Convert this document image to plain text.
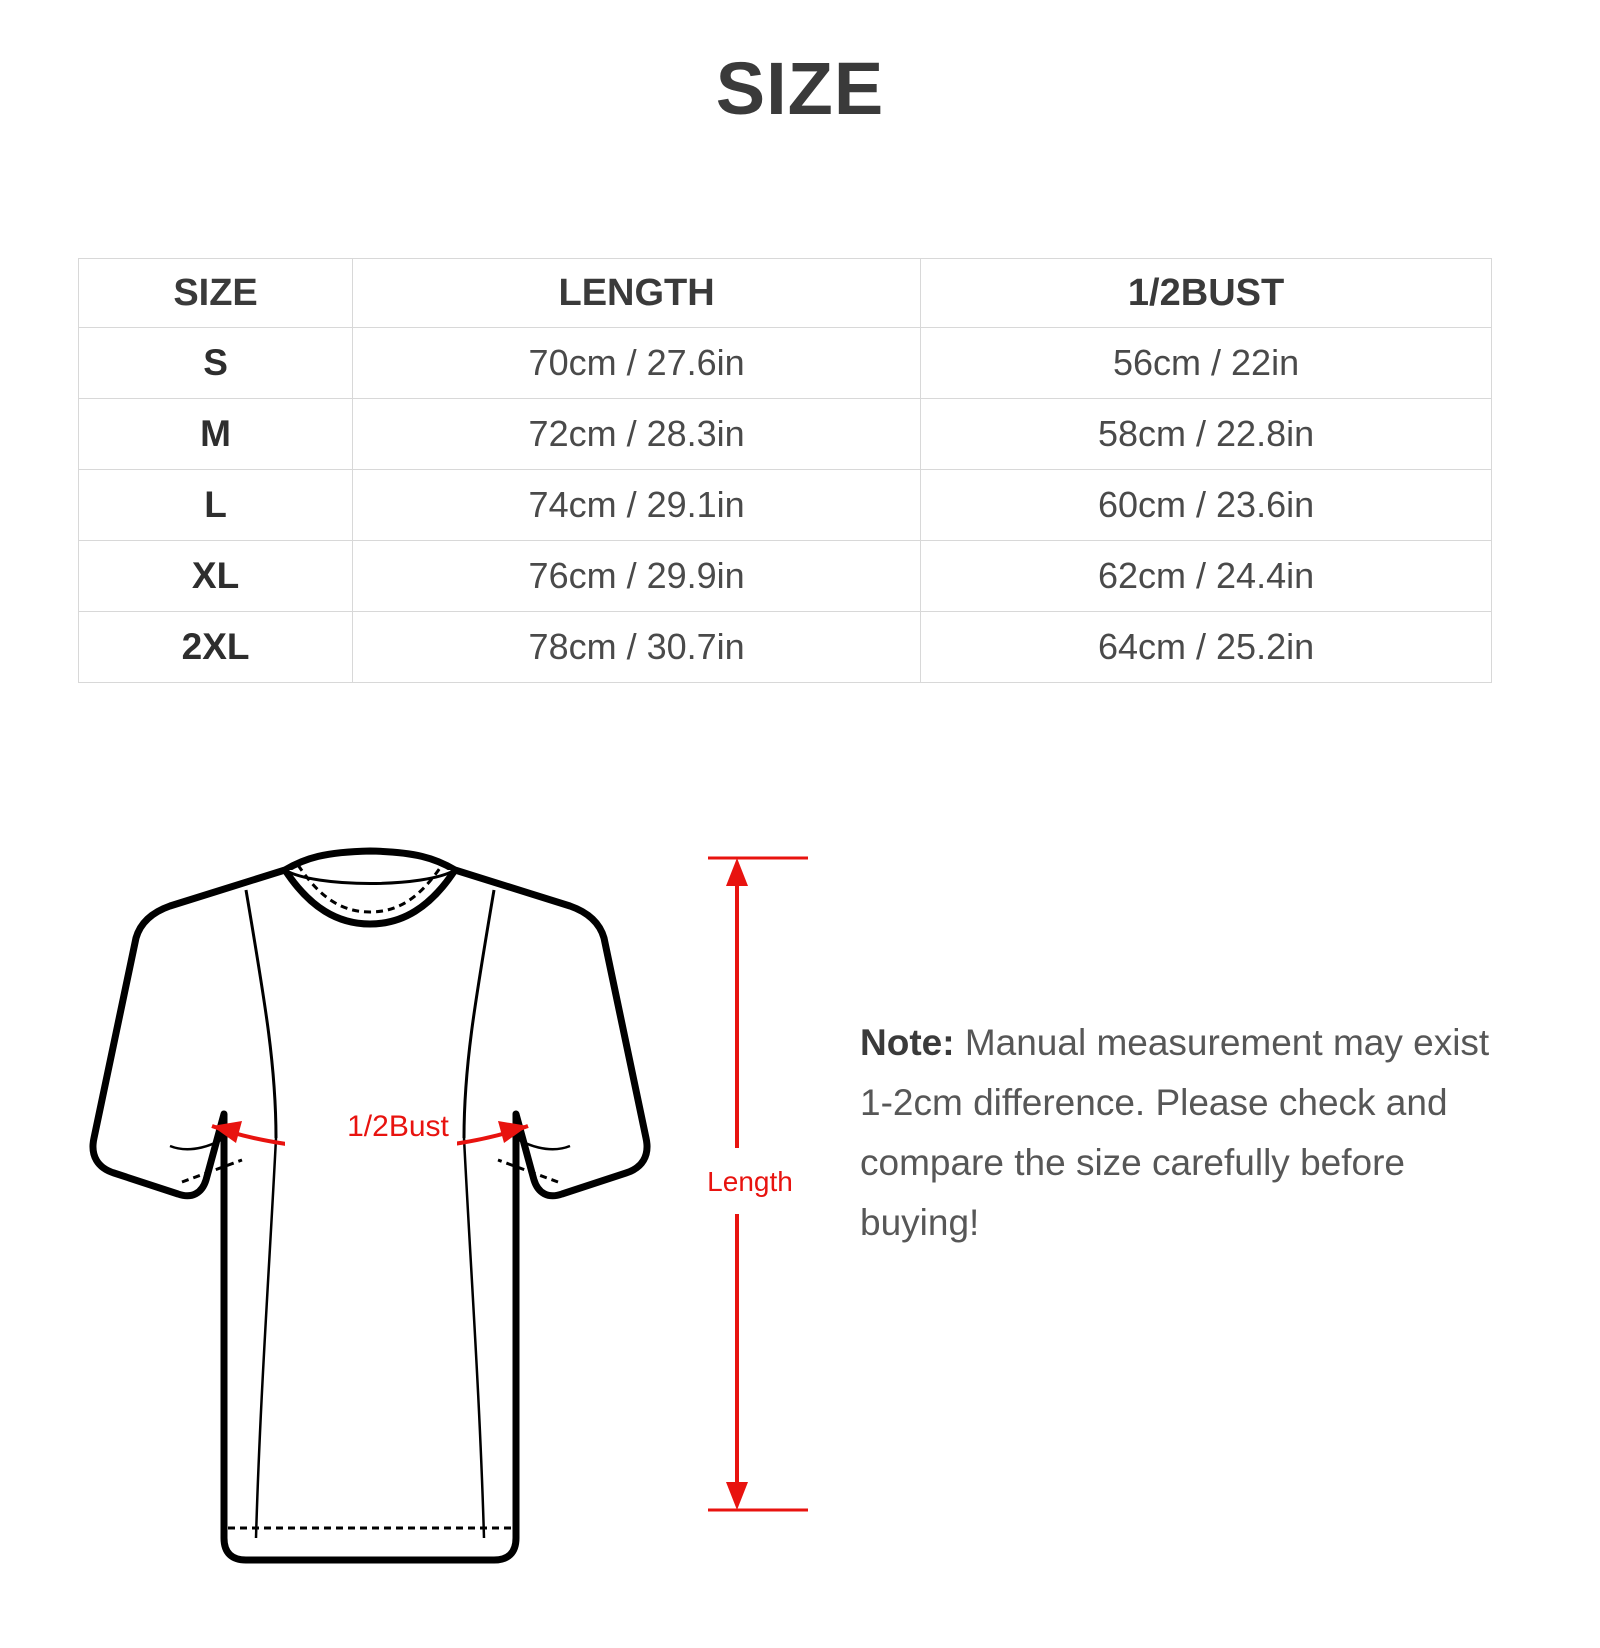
SIZE
SIZE	LENGTH	1/2BUST
S	70cm / 27.6in	56cm / 22in
M	72cm / 28.3in	58cm / 22.8in
L	74cm / 29.1in	60cm / 23.6in
XL	76cm / 29.9in	62cm / 24.4in
2XL	78cm / 30.7in	64cm / 25.2in
1/2Bust
Length
Note: Manual measurement may exist 1-2cm difference. Please check and compare the size carefully before buying!
